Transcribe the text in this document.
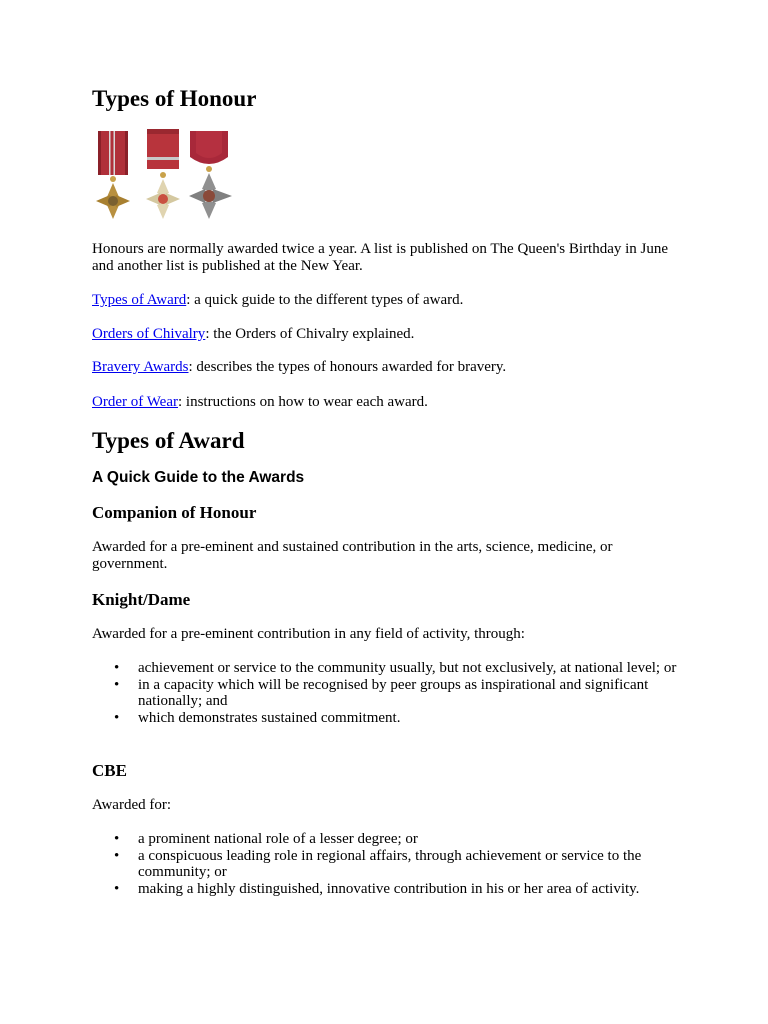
Types of Honour

Honours are normally awarded twice a year. A list is published on The Queen's Birthday in June and another list is published at the New Year.

Types of Award: a quick guide to the different types of award.

Orders of Chivalry: the Orders of Chivalry explained.

Bravery Awards: describes the types of honours awarded for bravery.

Order of Wear: instructions on how to wear each award.

Types of Award
A Quick Guide to the Awards
Companion of Honour

Awarded for a pre-eminent and sustained contribution in the arts, science, medicine, or government.

Knight/Dame

Awarded for a pre-eminent contribution in any field of activity, through:

• achievement or service to the community usually, but not exclusively, at national level; or
• in a capacity which will be recognised by peer groups as inspirational and significant nationally; and
• which demonstrates sustained commitment.
CBE

Awarded for:

• a prominent national role of a lesser degree; or
• a conspicuous leading role in regional affairs, through achievement or service to the community; or
• making a highly distinguished, innovative contribution in his or her area of activity.
